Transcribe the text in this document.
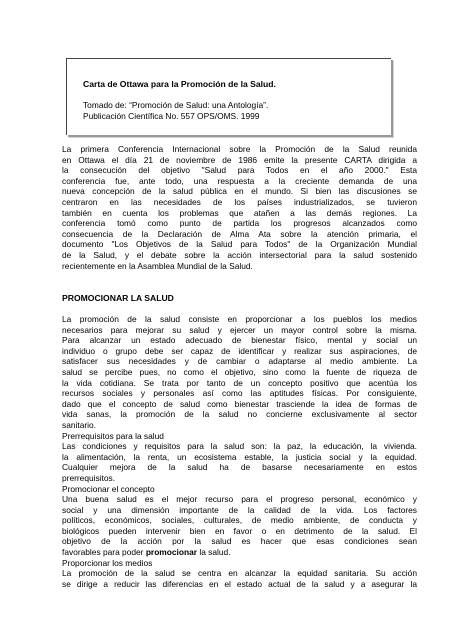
Carta de Ottawa para la Promoción de la Salud.
Tomado de: “Promoción de Salud: una Antología”.
Publicación Científica No. 557 OPS/OMS. 1999
La primera Conferencia Internacional sobre la Promoción de la Salud reunida
en Ottawa el día 21 de noviembre de 1986 emite la presente CARTA dirigida a
la consecución del objetivo "Salud para Todos en el año 2000." Esta
conferencia fue, ante todo, una respuesta a la creciente demanda de una
nueva concepción de la salud pública en el mundo. Si bien las discusiones se
centraron en las necesidades de los países industrializados, se tuvieron
también en cuenta los problemas que atañen a las demás regiones. La
conferencia tomó como punto de partida los progresos alcanzados como
consecuencia de la Declaración de Alma Ata sobre la atención primaria, el
documento "Los Objetivos de la Salud para Todos" de la Organización Mundial
de la Salud, y el debate sobre la acción intersectorial para la salud sostenido
recientemente en la Asamblea Mundial de la Salud.
PROMOCIONAR LA SALUD
La promoción de la salud consiste en proporcionar a los pueblos los medios
necesarios para mejorar su salud y ejercer un mayor control sobre la misma.
Para alcanzar un estado adecuado de bienestar físico, mental y social un
individuo o grupo debe ser capaz de identificar y realizar sus aspiraciones, de
satisfacer sus necesidades y de cambiar o adaptarse al medio ambiente. La
salud se percibe pues, no como el objetivo, sino como la fuente de riqueza de
la vida cotidiana. Se trata por tanto de un concepto positivo que acentúa los
recursos sociales y personales así como las aptitudes físicas. Por consiguiente,
dado que el concepto de salud como bienestar trasciende la idea de formas de
vida sanas, la promoción de la salud no concierne exclusivamente al sector
sanitario.
Prerrequisitos para la salud
Las condiciones y requisitos para la salud son: la paz, la educación, la vivienda.
la alimentación, la renta, un ecosistema estable, la justicia social y la equidad.
Cualquier mejora de la salud ha de basarse necesariamente en estos
prerrequisitos.
Promocionar el concepto
Una buena salud es el mejor recurso para el progreso personal, económico y
social y una dimensión importante de la calidad de la vida. Los factores
políticos, económicos, sociales, culturales, de medio ambiente, de conducta y
biológicos pueden intervenir bien en favor o en detrimento de la salud. El
objetivo de la acción por la salud es hacer que esas condiciones sean
favorables para poder promocionar la salud.
Proporcionar los medios
La promoción de la salud se centra en alcanzar la equidad sanitaria. Su acción
se dirige a reducir las diferencias en el estado actual de la salud y a asegurar la
